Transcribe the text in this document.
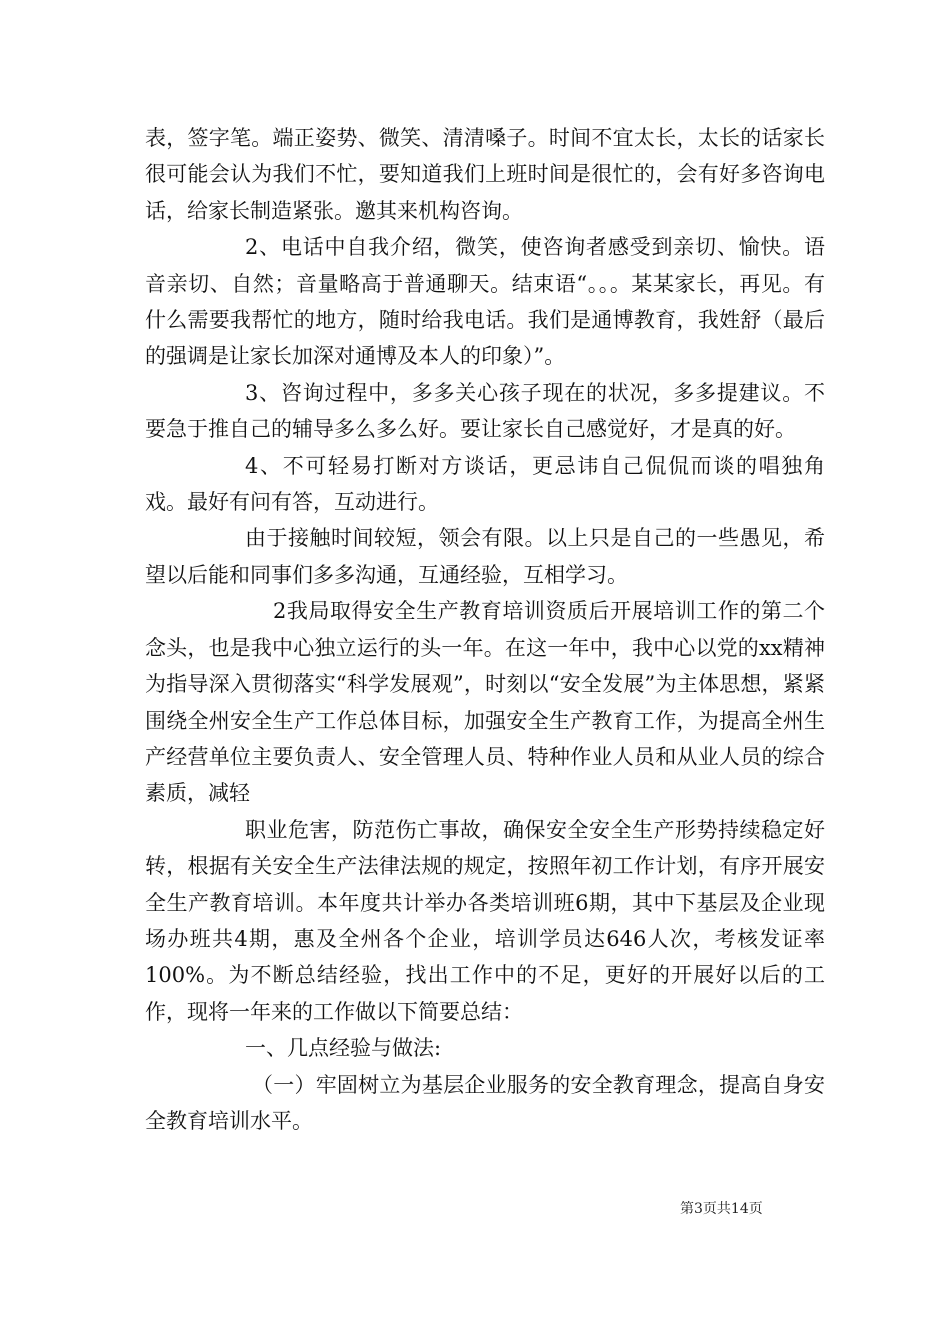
表，签字笔。端正姿势、微笑、清清嗓子。时间不宜太长，太长的话家长很可能会认为我们不忙，要知道我们上班时间是很忙的，会有好多咨询电话，给家长制造紧张。邀其来机构咨询。

2、电话中自我介绍，微笑，使咨询者感受到亲切、愉快。语音亲切、自然；音量略高于普通聊天。结束语“。。。某某家长，再见。有什么需要我帮忙的地方，随时给我电话。我们是通博教育，我姓舒（最后的强调是让家长加深对通博及本人的印象）”。

3、咨询过程中，多多关心孩子现在的状况，多多提建议。不要急于推自己的辅导多么多么好。要让家长自己感觉好，才是真的好。

4、不可轻易打断对方谈话，更忌讳自己侃侃而谈的唱独角戏。最好有问有答，互动进行。

由于接触时间较短，领会有限。以上只是自己的一些愚见，希望以后能和同事们多多沟通，互通经验，互相学习。

2我局取得安全生产教育培训资质后开展培训工作的第二个念头，也是我中心独立运行的头一年。在这一年中，我中心以党的xx精神为指导深入贯彻落实“科学发展观”，时刻以“安全发展”为主体思想，紧紧围绕全州安全生产工作总体目标，加强安全生产教育工作，为提高全州生产经营单位主要负责人、安全管理人员、特种作业人员和从业人员的综合素质，减轻

职业危害，防范伤亡事故，确保安全安全生产形势持续稳定好转，根据有关安全生产法律法规的规定，按照年初工作计划，有序开展安全生产教育培训。本年度共计举办各类培训班6期，其中下基层及企业现场办班共4期，惠及全州各个企业，培训学员达646人次，考核发证率100%。为不断总结经验，找出工作中的不足，更好的开展好以后的工作，现将一年来的工作做以下简要总结：

一、几点经验与做法:

（一）牢固树立为基层企业服务的安全教育理念，提高自身安全教育培训水平。

第3页共14页
